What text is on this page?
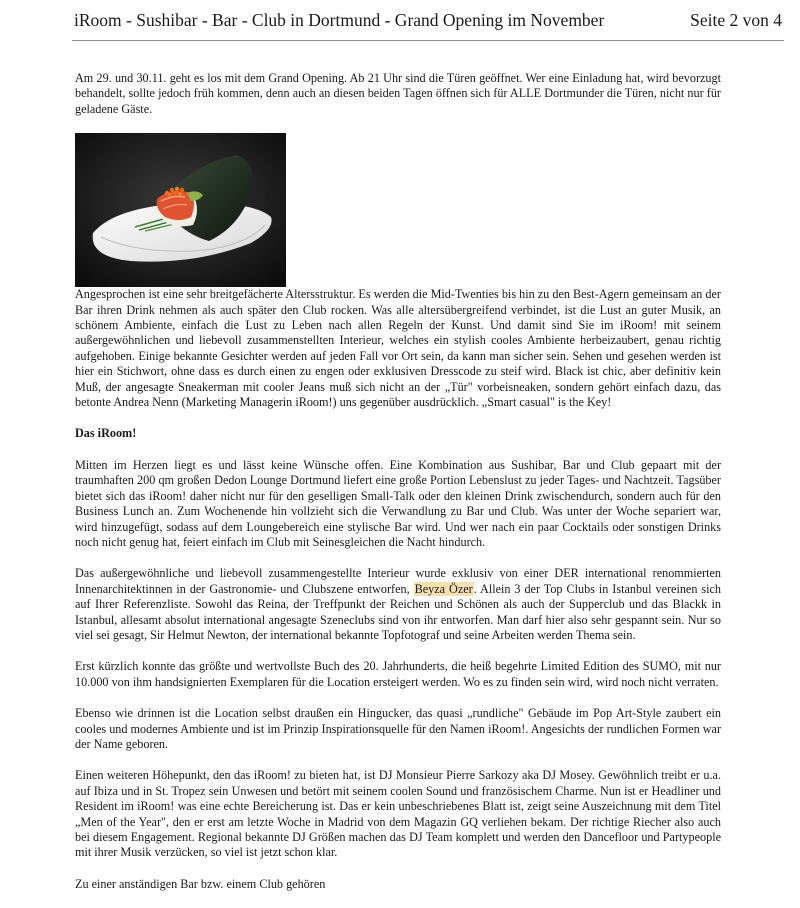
iRoom - Sushibar - Bar - Club in Dortmund - Grand Opening im November	Seite 2 von 4

Am 29. und 30.11. geht es los mit dem Grand Opening. Ab 21 Uhr sind die Türen geöffnet. Wer eine Einladung hat, wird bevorzugt behandelt, sollte jedoch früh kommen, denn auch an diesen beiden Tagen öffnen sich für ALLE Dortmunder die Türen, nicht nur für geladene Gäste.

Angesprochen ist eine sehr breitgefächerte Altersstruktur. Es werden die Mid-Twenties bis hin zu den Best-Agern gemeinsam an der Bar ihren Drink nehmen als auch später den Club rocken. Was alle altersübergreifend verbindet, ist die Lust an guter Musik, an schönem Ambiente, einfach die Lust zu Leben nach allen Regeln der Kunst. Und damit sind Sie im iRoom! mit seinem außergewöhnlichen und liebevoll zusammenstellten Interieur, welches ein stylish cooles Ambiente herbeizaubert, genau richtig aufgehoben. Einige bekannte Gesichter werden auf jeden Fall vor Ort sein, da kann man sicher sein. Sehen und gesehen werden ist hier ein Stichwort, ohne dass es durch einen zu engen oder exklusiven Dresscode zu steif wird. Black ist chic, aber definitiv kein Muß, der angesagte Sneakerman mit cooler Jeans muß sich nicht an der „Tür" vorbeisneaken, sondern gehört einfach dazu, das betonte Andrea Nenn (Marketing Managerin iRoom!) uns gegenüber ausdrücklich. „Smart casual" is the Key!

Das iRoom!

Mitten im Herzen liegt es und lässt keine Wünsche offen. Eine Kombination aus Sushibar, Bar und Club gepaart mit der traumhaften 200 qm großen Dedon Lounge Dortmund liefert eine große Portion Lebenslust zu jeder Tages- und Nachtzeit. Tagsüber bietet sich das iRoom! daher nicht nur für den geselligen Small-Talk oder den kleinen Drink zwischendurch, sondern auch für den Business Lunch an. Zum Wochenende hin vollzieht sich die Verwandlung zu Bar und Club. Was unter der Woche separiert war, wird hinzugefügt, sodass auf dem Loungebereich eine stylische Bar wird. Und wer nach ein paar Cocktails oder sonstigen Drinks noch nicht genug hat, feiert einfach im Club mit Seinesgleichen die Nacht hindurch.

Das außergewöhnliche und liebevoll zusammengestellte Interieur wurde exklusiv von einer DER international renommierten Innenarchitektinnen in der Gastronomie- und Clubszene entworfen, Beyza Özer. Allein 3 der Top Clubs in Istanbul vereinen sich auf Ihrer Referenzliste. Sowohl das Reina, der Treffpunkt der Reichen und Schönen als auch der Supperclub und das Blackk in Istanbul, allesamt absolut international angesagte Szeneclubs sind von ihr entworfen. Man darf hier also sehr gespannt sein. Nur so viel sei gesagt, Sir Helmut Newton, der international bekannte Topfotograf und seine Arbeiten werden Thema sein.

Erst kürzlich konnte das größte und wertvollste Buch des 20. Jahrhunderts, die heiß begehrte Limited Edition des SUMO, mit nur 10.000 von ihm handsignierten Exemplaren für die Location ersteigert werden. Wo es zu finden sein wird, wird noch nicht verraten.

Ebenso wie drinnen ist die Location selbst draußen ein Hingucker, das quasi „rundliche" Gebäude im Pop Art-Style zaubert ein cooles und modernes Ambiente und ist im Prinzip Inspirationsquelle für den Namen iRoom!. Angesichts der rundlichen Formen war der Name geboren.

Einen weiteren Höhepunkt, den das iRoom! zu bieten hat, ist DJ Monsieur Pierre Sarkozy aka DJ Mosey. Gewöhnlich treibt er u.a. auf Ibiza und in St. Tropez sein Unwesen und betört mit seinem coolen Sound und französischem Charme. Nun ist er Headliner und Resident im iRoom! was eine echte Bereicherung ist. Das er kein unbeschriebenes Blatt ist, zeigt seine Auszeichnung mit dem Titel „Men of the Year", den er erst am letzte Woche in Madrid von dem Magazin GQ verliehen bekam. Der richtige Riecher also auch bei diesem Engagement. Regional bekannte DJ Größen machen das DJ Team komplett und werden den Dancefloor und Partypeople mit ihrer Musik verzücken, so viel ist jetzt schon klar.

Zu einer anständigen Bar bzw. einem Club gehören
